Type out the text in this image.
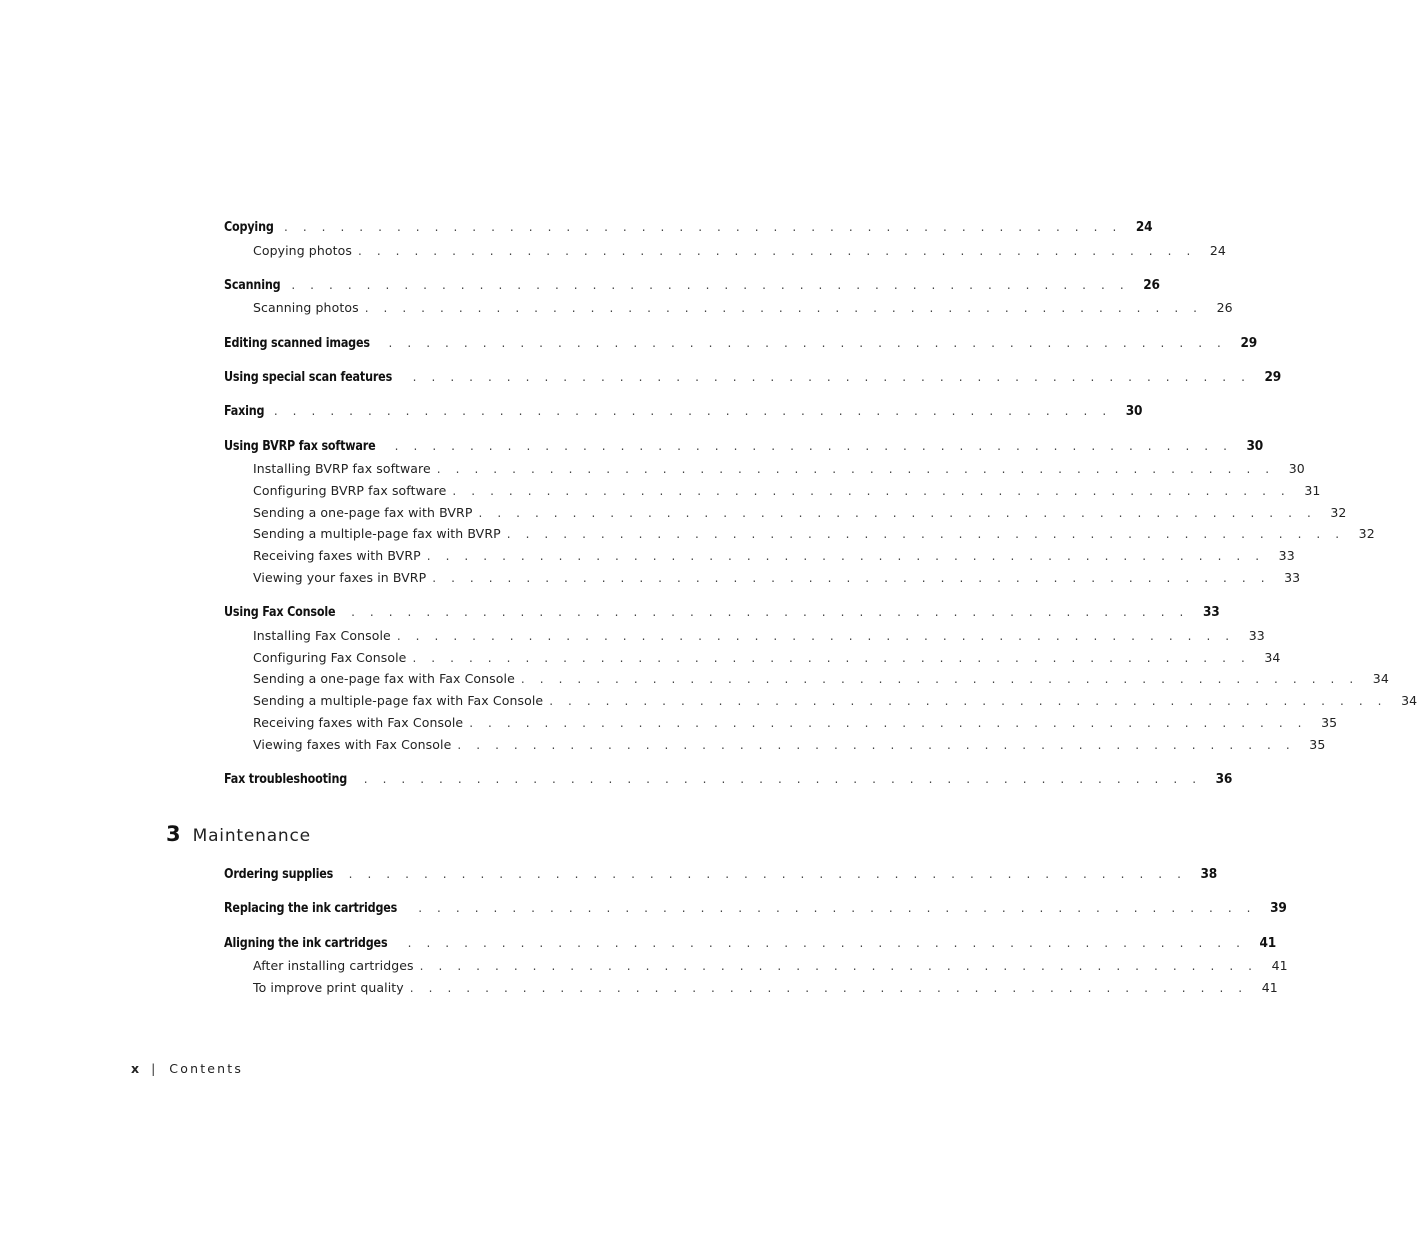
Copying . . . . . . . . . . . . . . . . . . . . . . . . . . . . . . . . . . . . . . . . . . . . . 24
Copying photos . . . . . . . . . . . . . . . . . . . . . . . . . . . . . . . . . . . . . . . . . . . . . 24
Scanning . . . . . . . . . . . . . . . . . . . . . . . . . . . . . . . . . . . . . . . . . . . . . 26
Scanning photos . . . . . . . . . . . . . . . . . . . . . . . . . . . . . . . . . . . . . . . . . . . . . 26
Editing scanned images	. . . . . . . . . . . . . . . . . . . . . . . . . . . . . . . . . . . . . . . . . . . . . 29
Using special scan features	. . . . . . . . . . . . . . . . . . . . . . . . . . . . . . . . . . . . . . . . . . . . . 29
Faxing . . . . . . . . . . . . . . . . . . . . . . . . . . . . . . . . . . . . . . . . . . . . . 30
Using BVRP fax software	. . . . . . . . . . . . . . . . . . . . . . . . . . . . . . . . . . . . . . . . . . . . . 30
Installing BVRP fax software . . . . . . . . . . . . . . . . . . . . . . . . . . . . . . . . . . . . . . . . . . . . . 30
Configuring BVRP fax software . . . . . . . . . . . . . . . . . . . . . . . . . . . . . . . . . . . . . . . . . . . . . 31
Sending a one-page fax with BVRP . . . . . . . . . . . . . . . . . . . . . . . . . . . . . . . . . . . . . . . . . . . . . 32
Sending a multiple-page fax with BVRP . . . . . . . . . . . . . . . . . . . . . . . . . . . . . . . . . . . . . . . . . . . . . 32
Receiving faxes with BVRP . . . . . . . . . . . . . . . . . . . . . . . . . . . . . . . . . . . . . . . . . . . . . 33
Viewing your faxes in BVRP . . . . . . . . . . . . . . . . . . . . . . . . . . . . . . . . . . . . . . . . . . . . . 33
Using Fax Console	. . . . . . . . . . . . . . . . . . . . . . . . . . . . . . . . . . . . . . . . . . . . . 33
Installing Fax Console . . . . . . . . . . . . . . . . . . . . . . . . . . . . . . . . . . . . . . . . . . . . . 33
Configuring Fax Console . . . . . . . . . . . . . . . . . . . . . . . . . . . . . . . . . . . . . . . . . . . . . 34
Sending a one-page fax with Fax Console . . . . . . . . . . . . . . . . . . . . . . . . . . . . . . . . . . . . . . . . . . . . . 34
Sending a multiple-page fax with Fax Console . . . . . . . . . . . . . . . . . . . . . . . . . . . . . . . . . . . . . . . . . . . . . 34
Receiving faxes with Fax Console . . . . . . . . . . . . . . . . . . . . . . . . . . . . . . . . . . . . . . . . . . . . . 35
Viewing faxes with Fax Console . . . . . . . . . . . . . . . . . . . . . . . . . . . . . . . . . . . . . . . . . . . . . 35
Fax troubleshooting	. . . . . . . . . . . . . . . . . . . . . . . . . . . . . . . . . . . . . . . . . . . . . 36
3 Maintenance
Ordering supplies	. . . . . . . . . . . . . . . . . . . . . . . . . . . . . . . . . . . . . . . . . . . . . 38
Replacing the ink cartridges	. . . . . . . . . . . . . . . . . . . . . . . . . . . . . . . . . . . . . . . . . . . . . 39
Aligning the ink cartridges	. . . . . . . . . . . . . . . . . . . . . . . . . . . . . . . . . . . . . . . . . . . . . 41
After installing cartridges . . . . . . . . . . . . . . . . . . . . . . . . . . . . . . . . . . . . . . . . . . . . . 41
To improve print quality . . . . . . . . . . . . . . . . . . . . . . . . . . . . . . . . . . . . . . . . . . . . . 41
x | Contents
